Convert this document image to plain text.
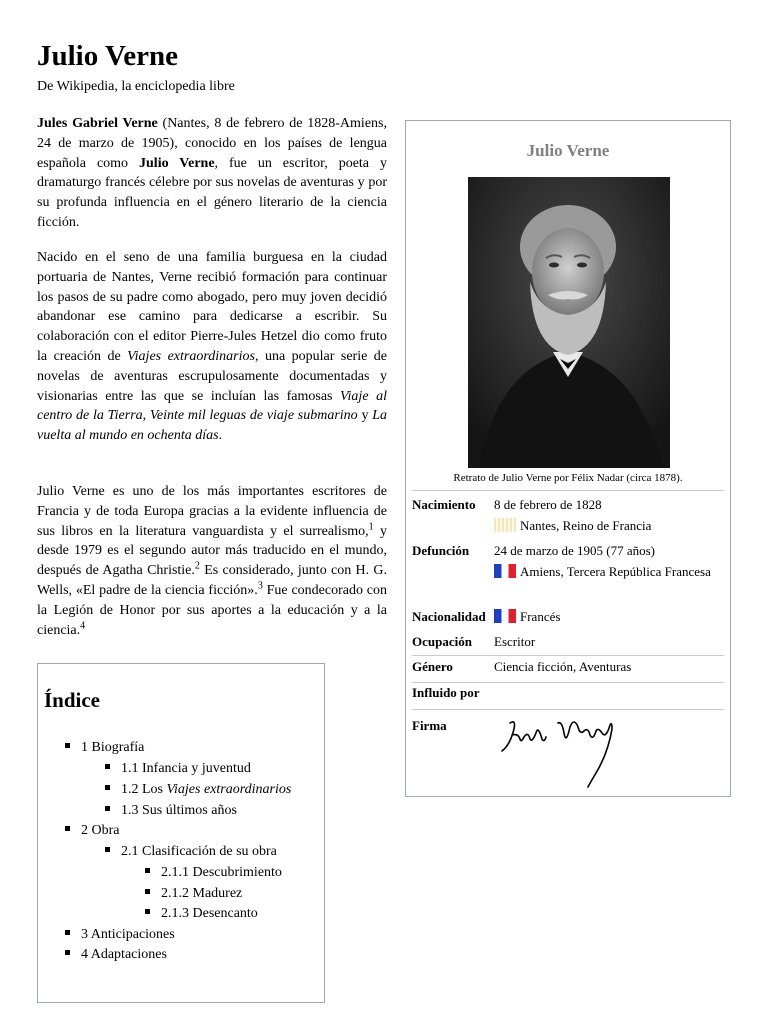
Julio Verne
De Wikipedia, la enciclopedia libre
Jules Gabriel Verne (Nantes, 8 de febrero de 1828-Amiens, 24 de marzo de 1905), conocido en los países de lengua española como Julio Verne, fue un escritor, poeta y dramaturgo francés célebre por sus novelas de aventuras y por su profunda influencia en el género literario de la ciencia ficción.
Nacido en el seno de una familia burguesa en la ciudad portuaria de Nantes, Verne recibió formación para continuar los pasos de su padre como abogado, pero muy joven decidió abandonar ese camino para dedicarse a escribir. Su colaboración con el editor Pierre-Jules Hetzel dio como fruto la creación de Viajes extraordinarios, una popular serie de novelas de aventuras escrupulosamente documentadas y visionarias entre las que se incluían las famosas Viaje al centro de la Tierra, Veinte mil leguas de viaje submarino y La vuelta al mundo en ochenta días.
Julio Verne es uno de los más importantes escritores de Francia y de toda Europa gracias a la evidente influencia de sus libros en la literatura vanguardista y el surrealismo,$^1$ y desde 1979 es el segundo autor más traducido en el mundo, después de Agatha Christie.$^2$ Es considerado, junto con H. G. Wells, «El padre de la ciencia ficción».$^3$ Fue condecorado con la Legión de Honor por sus aportes a la educación y a la ciencia.$^4$
Julio Verne
Retrato de Julio Verne por Félix Nadar (circa 1878).
Nacimiento 8 de febrero de 1828
Nantes, Reino de Francia
Defunción 24 de marzo de 1905 (77 años)
Amiens, Tercera República Francesa
Nacionalidad	Francés
Ocupación Escritor
Género	Ciencia ficción, Aventuras
Influido por
Firma
Índice
1 Biografía
1.1 Infancia y juventud
1.2 Los Viajes extraordinarios
1.3 Sus últimos años
2 Obra
2.1 Clasificación de su obra
2.1.1 Descubrimiento
2.1.2 Madurez
2.1.3 Desencanto
3 Anticipaciones
4 Adaptaciones
